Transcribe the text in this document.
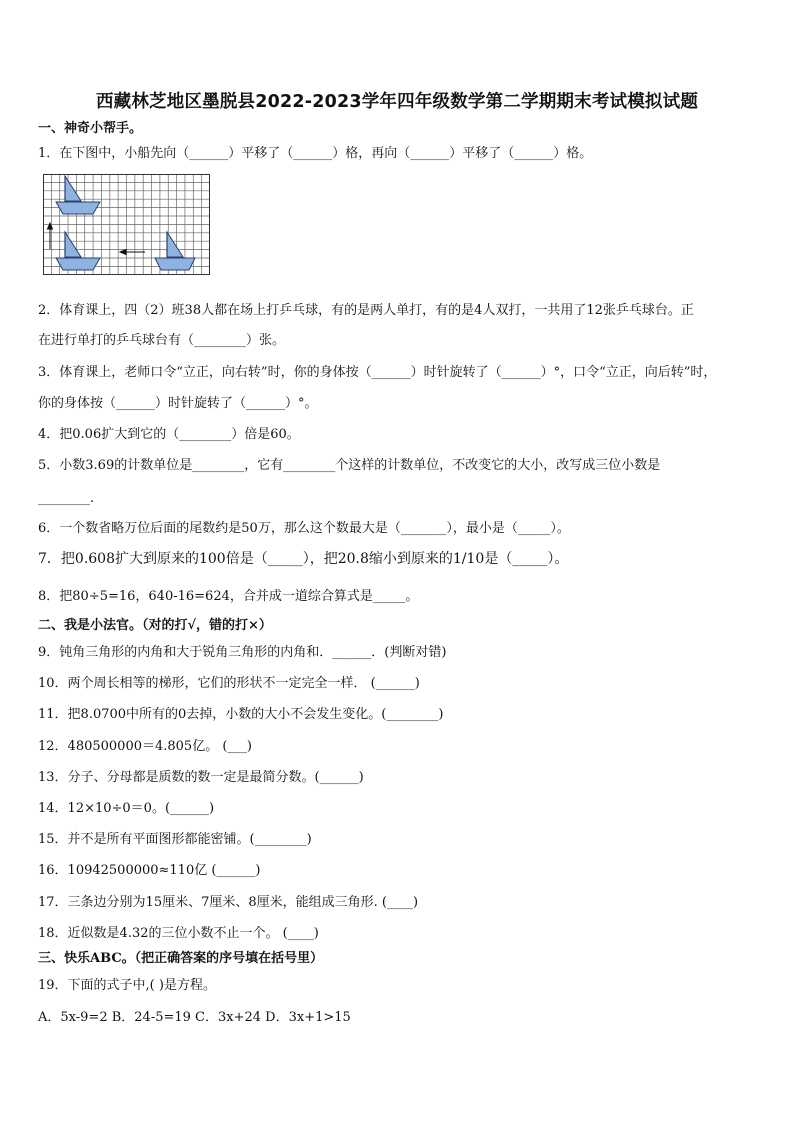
西藏林芝地区墨脱县2022-2023学年四年级数学第二学期期末考试模拟试题
一、神奇小帮手。
1．在下图中，小船先向（______）平移了（______）格，再向（______）平移了（______）格。
2．体育课上，四（2）班38人都在场上打乒乓球，有的是两人单打，有的是4人双打，一共用了12张乒乓球台。正
在进行单打的乒乓球台有（________）张。
3．体育课上，老师口令“立正，向右转”时，你的身体按（______）时针旋转了（______）°，口令“立正，向后转”时，
你的身体按（______）时针旋转了（______）°。
4．把0.06扩大到它的（________）倍是60。
5．小数3.69的计数单位是________，它有________个这样的计数单位，不改变它的大小，改写成三位小数是
________.
6．一个数省略万位后面的尾数约是50万，那么这个数最大是（_______），最小是（_____）。
7．把0.608扩大到原来的100倍是（_____），把20.8缩小到原来的1/10是（_____）。
8．把80÷5=16，640-16=624，合并成一道综合算式是_____。
二、我是小法官。（对的打√，错的打×）
9．钝角三角形的内角和大于锐角三角形的内角和．______．(判断对错)
10．两个周长相等的梯形，它们的形状不一定完全一样． (______)
11．把8.0700中所有的0去掉，小数的大小不会发生变化。(________)
12．480500000＝4.805亿。 (___)
13．分子、分母都是质数的数一定是最简分数。(______)
14．12×10÷0＝0。(______)
15．并不是所有平面图形都能密铺。(________)
16．10942500000≈110亿 (______)
17．三条边分别为15厘米、7厘米、8厘米，能组成三角形. (____)
18．近似数是4.32的三位小数不止一个。 (____)
三、快乐ABC。（把正确答案的序号填在括号里）
19．下面的式子中,( )是方程。
A．5x-9=2 B．24-5=19 C．3x+24 D．3x+1>15
